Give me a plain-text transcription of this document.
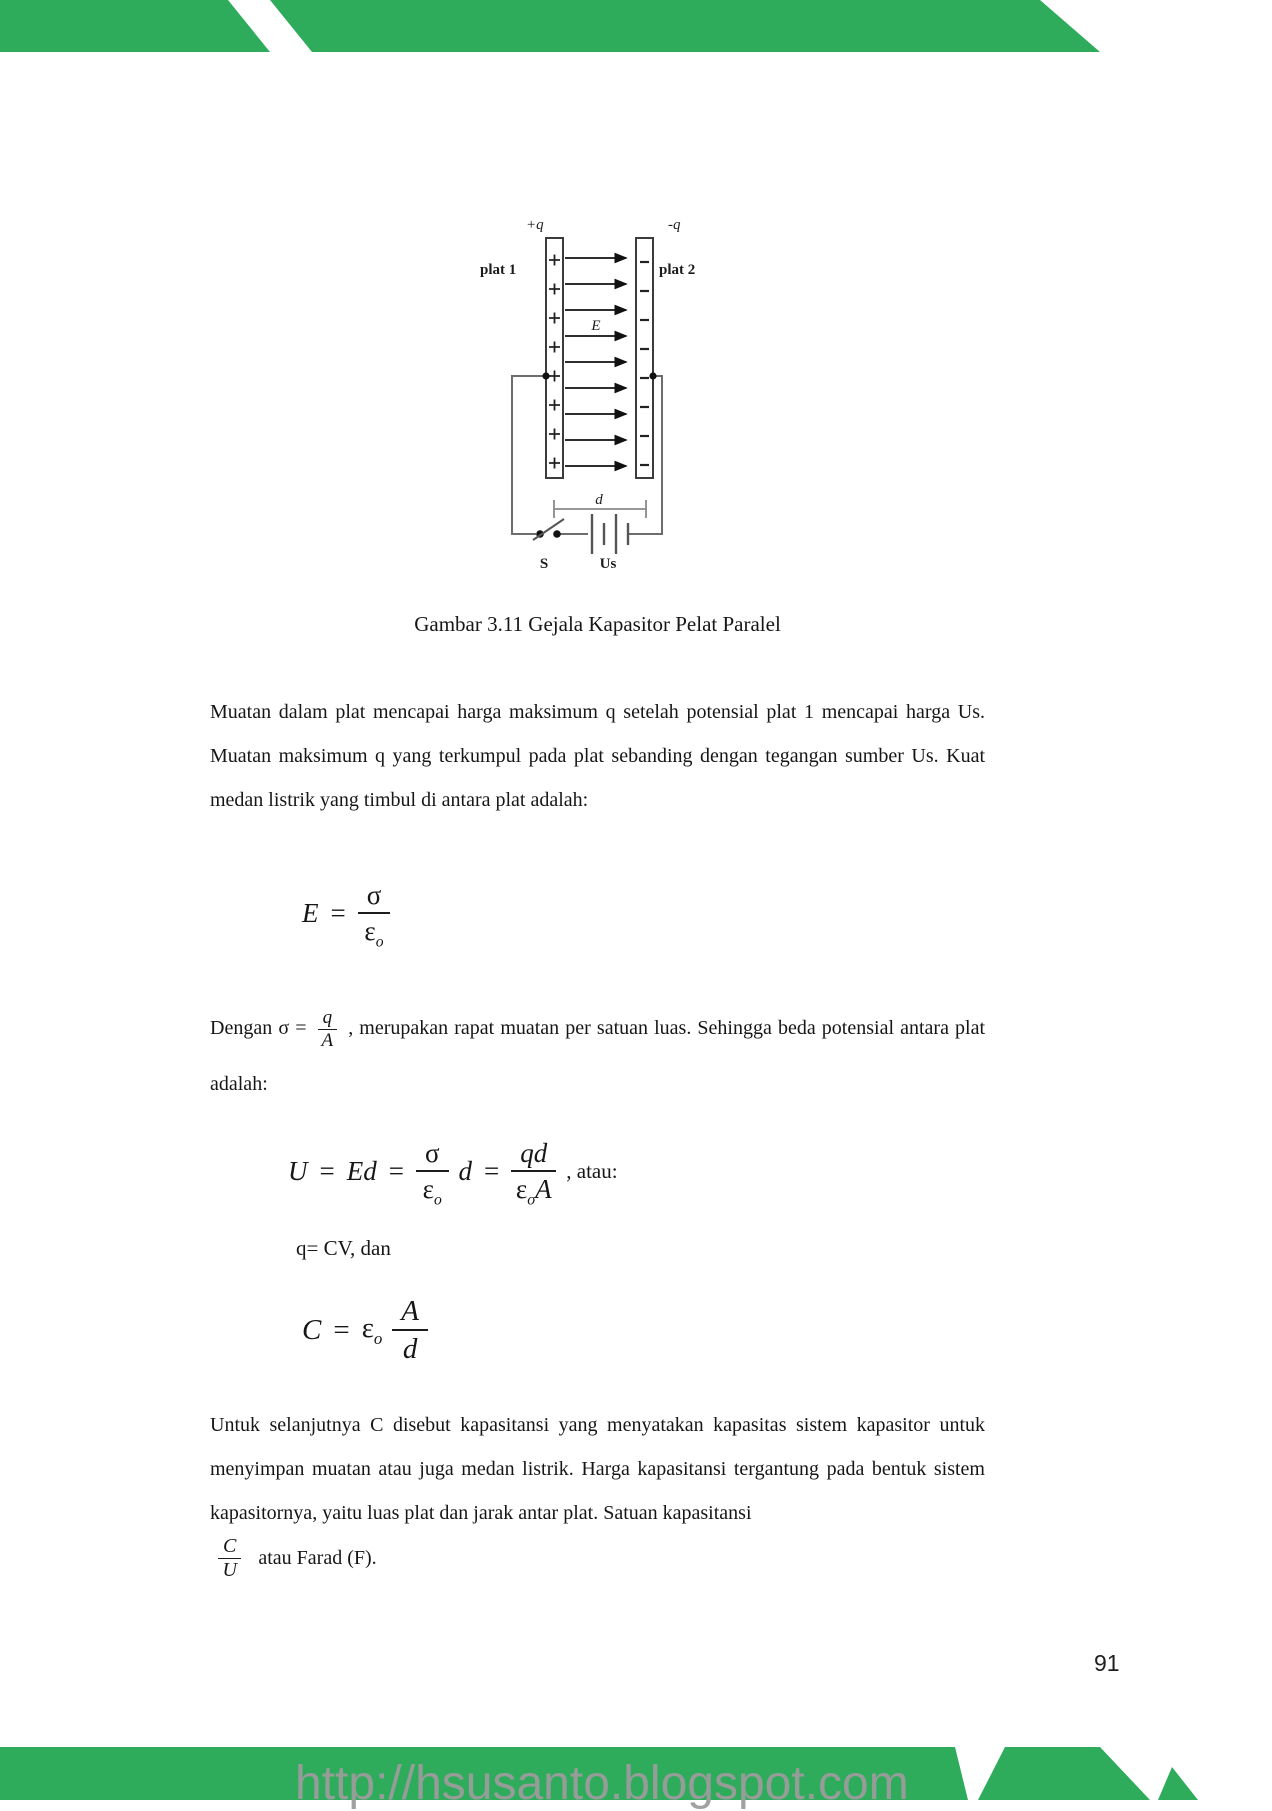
+q	-q
plat 1	plat 2
E
S	Us
d
Gambar 3.11 Gejala Kapasitor Pelat Paralel

Muatan dalam plat mencapai harga maksimum q setelah potensial plat 1 mencapai harga Us. Muatan maksimum q yang terkumpul pada plat sebanding dengan tegangan sumber Us. Kuat medan listrik yang timbul di antara plat adalah:

$E = \frac{\sigma}{\varepsilon_o}$

Dengan $\sigma = \frac{q}{A}$ , merupakan rapat muatan per satuan luas. Sehingga beda potensial antara plat adalah:

$U = Ed = \frac{\sigma}{\varepsilon_o}$ $d = \frac{qd}{\varepsilon_oA}$ , atau:
q= CV, dan
$C = \varepsilon_o \frac{A}{d}$

Untuk selanjutnya C disebut kapasitansi yang menyatakan kapasitas sistem kapasitor untuk menyimpan muatan atau juga medan listrik. Harga kapasitansi tergantung pada bentuk sistem kapasitornya, yaitu luas plat dan jarak antar plat. Satuan kapasitansi

$\frac{C}{U}$ atau Farad (F).
91
http://hsusanto.blogspot.com
